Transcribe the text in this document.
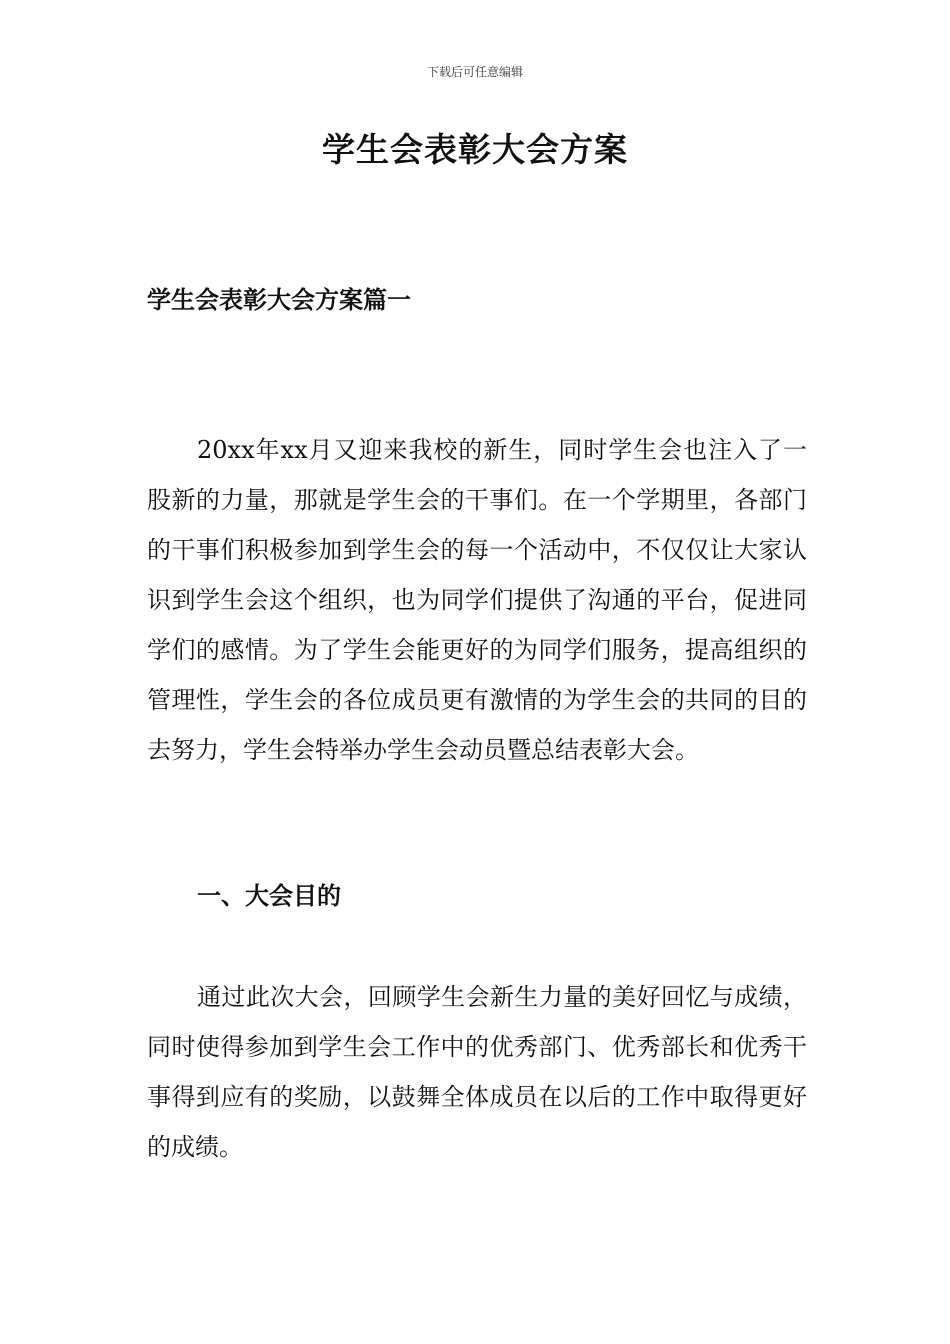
下载后可任意编辑
学生会表彰大会方案
学生会表彰大会方案篇一

20xx年xx月又迎来我校的新生，同时学生会也注入了一股新的力量，那就是学生会的干事们。在一个学期里，各部门的干事们积极参加到学生会的每一个活动中，不仅仅让大家认识到学生会这个组织，也为同学们提供了沟通的平台，促进同学们的感情。为了学生会能更好的为同学们服务，提高组织的管理性，学生会的各位成员更有激情的为学生会的共同的目的去努力，学生会特举办学生会动员暨总结表彰大会。

一、大会目的

通过此次大会，回顾学生会新生力量的美好回忆与成绩，同时使得参加到学生会工作中的优秀部门、优秀部长和优秀干事得到应有的奖励，以鼓舞全体成员在以后的工作中取得更好的成绩。
